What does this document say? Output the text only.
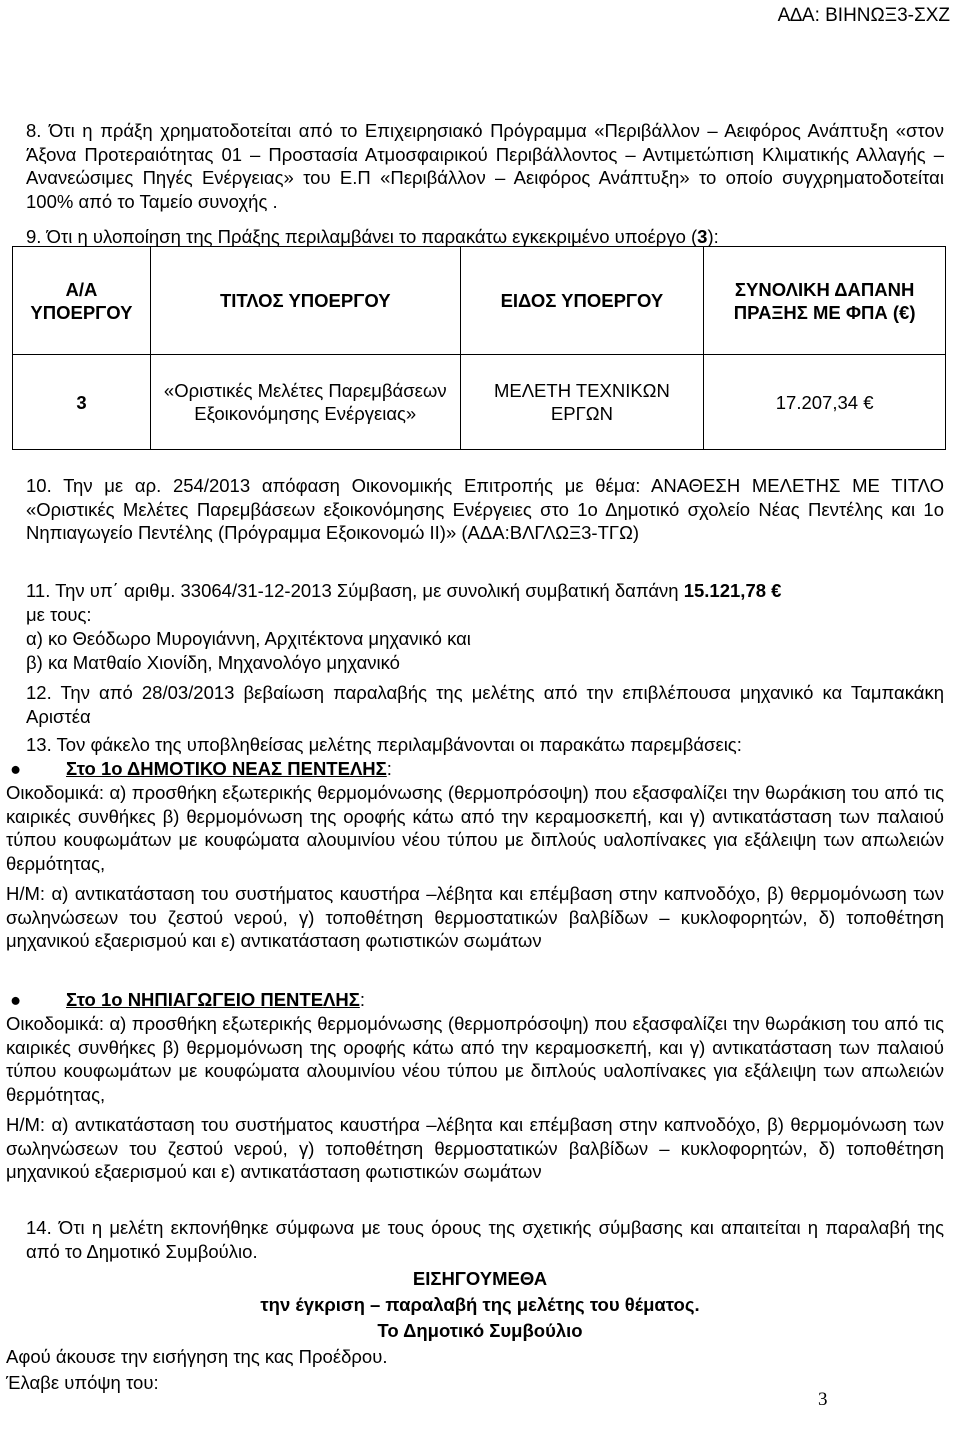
Α∆Α: ΒΙΗΝΩΞ3-ΣΧΖ

8. Ότι η πράξη χρηματοδοτείται από το Επιχειρησιακό Πρόγραμμα «Περιβάλλον – Αειφόρος Ανάπτυξη «στον Άξονα Προτεραιότητας 01 – Προστασία Ατμοσφαιρικού Περιβάλλοντος – Αντιμετώπιση Κλιματικής Αλλαγής – Ανανεώσιμες Πηγές Ενέργειας» του Ε.Π «Περιβάλλον – Αειφόρος Ανάπτυξη» το οποίο συγχρηματοδοτείται 100% από το Ταμείο συνοχής .

9. Ότι η υλοποίηση της Πράξης περιλαμβάνει το παρακάτω εγκεκριμένο υποέργο (3):

Α/Α ΥΠΟΕΡΓΟΥ	ΤΙΤΛΟΣ ΥΠΟΕΡΓΟΥ	ΕΙΔΟΣ ΥΠΟΕΡΓΟΥ	ΣΥΝΟΛΙΚΗ ΔΑΠΑΝΗ ΠΡΑΞΗΣ ΜΕ ΦΠΑ (€)
3	«Οριστικές Μελέτες Παρεμβάσεων Εξοικονόμησης Ενέργειας»	ΜΕΛΕΤΗ ΤΕΧΝΙΚΩΝ ΕΡΓΩΝ	17.207,34 €

10. Την με αρ. 254/2013 απόφαση Οικονομικής Επιτροπής με θέμα: ΑΝΑΘΕΣΗ ΜΕΛΕΤΗΣ ΜΕ ΤΙΤΛΟ «Οριστικές Μελέτες Παρεμβάσεων εξοικονόμησης Ενέργειες στο 1ο Δημοτικό σχολείο Νέας Πεντέλης και 1ο Νηπιαγωγείο Πεντέλης (Πρόγραμμα Εξοικονομώ ΙΙ)» (ΑΔΑ:ΒΛΓΛΩΞ3-ΤΓΩ)

11. Την υπ΄ αριθμ. 33064/31-12-2013 Σύμβαση, με συνολική συμβατική δαπάνη 15.121,78 €

με τους:

α) κο Θεόδωρο Μυρογιάννη, Αρχιτέκτονα μηχανικό και

β) κα Ματθαίο Χιονίδη, Μηχανολόγο μηχανικό

12. Την από 28/03/2013 βεβαίωση παραλαβής της μελέτης από την επιβλέπουσα μηχανικό κα Ταμπακάκη Αριστέα

13. Τον φάκελο της υποβληθείσας μελέτης περιλαμβάνονται οι παρακάτω παρεμβάσεις:

● Στο 1ο ΔΗΜΟΤΙΚΟ ΝΕΑΣ ΠΕΝΤΕΛΗΣ:

Οικοδομικά: α) προσθήκη εξωτερικής θερμομόνωσης (θερμοπρόσοψη) που εξασφαλίζει την θωράκιση του από τις καιρικές συνθήκες β) θερμομόνωση της οροφής κάτω από την κεραμοσκεπή, και γ) αντικατάσταση των παλαιού τύπου κουφωμάτων με κουφώματα αλουμινίου νέου τύπου με διπλούς υαλοπίνακες για εξάλειψη των απωλειών θερμότητας,

Η/Μ: α) αντικατάσταση του συστήματος καυστήρα –λέβητα και επέμβαση στην καπνοδόχο, β) θερμομόνωση των σωληνώσεων του ζεστού νερού, γ) τοποθέτηση θερμοστατικών βαλβίδων – κυκλοφορητών, δ) τοποθέτηση μηχανικού εξαερισμού και ε) αντικατάσταση φωτιστικών σωμάτων

● Στο 1ο ΝΗΠΙΑΓΩΓΕΙΟ ΠΕΝΤΕΛΗΣ:

Οικοδομικά: α) προσθήκη εξωτερικής θερμομόνωσης (θερμοπρόσοψη) που εξασφαλίζει την θωράκιση του από τις καιρικές συνθήκες β) θερμομόνωση της οροφής κάτω από την κεραμοσκεπή, και γ) αντικατάσταση των παλαιού τύπου κουφωμάτων με κουφώματα αλουμινίου νέου τύπου με διπλούς υαλοπίνακες για εξάλειψη των απωλειών θερμότητας,

Η/Μ: α) αντικατάσταση του συστήματος καυστήρα –λέβητα και επέμβαση στην καπνοδόχο, β) θερμομόνωση των σωληνώσεων του ζεστού νερού, γ) τοποθέτηση θερμοστατικών βαλβίδων – κυκλοφορητών, δ) τοποθέτηση μηχανικού εξαερισμού και ε) αντικατάσταση φωτιστικών σωμάτων

14. Ότι η μελέτη εκπονήθηκε σύμφωνα με τους όρους της σχετικής σύμβασης και απαιτείται η παραλαβή της από το Δημοτικό Συμβούλιο.

ΕΙΣΗΓΟΥΜΕΘΑ

την έγκριση – παραλαβή της μελέτης του θέματος.

Το Δημοτικό Συμβούλιο

Αφού άκουσε την εισήγηση της κας Προέδρου.

Έλαβε υπόψη του:

3
